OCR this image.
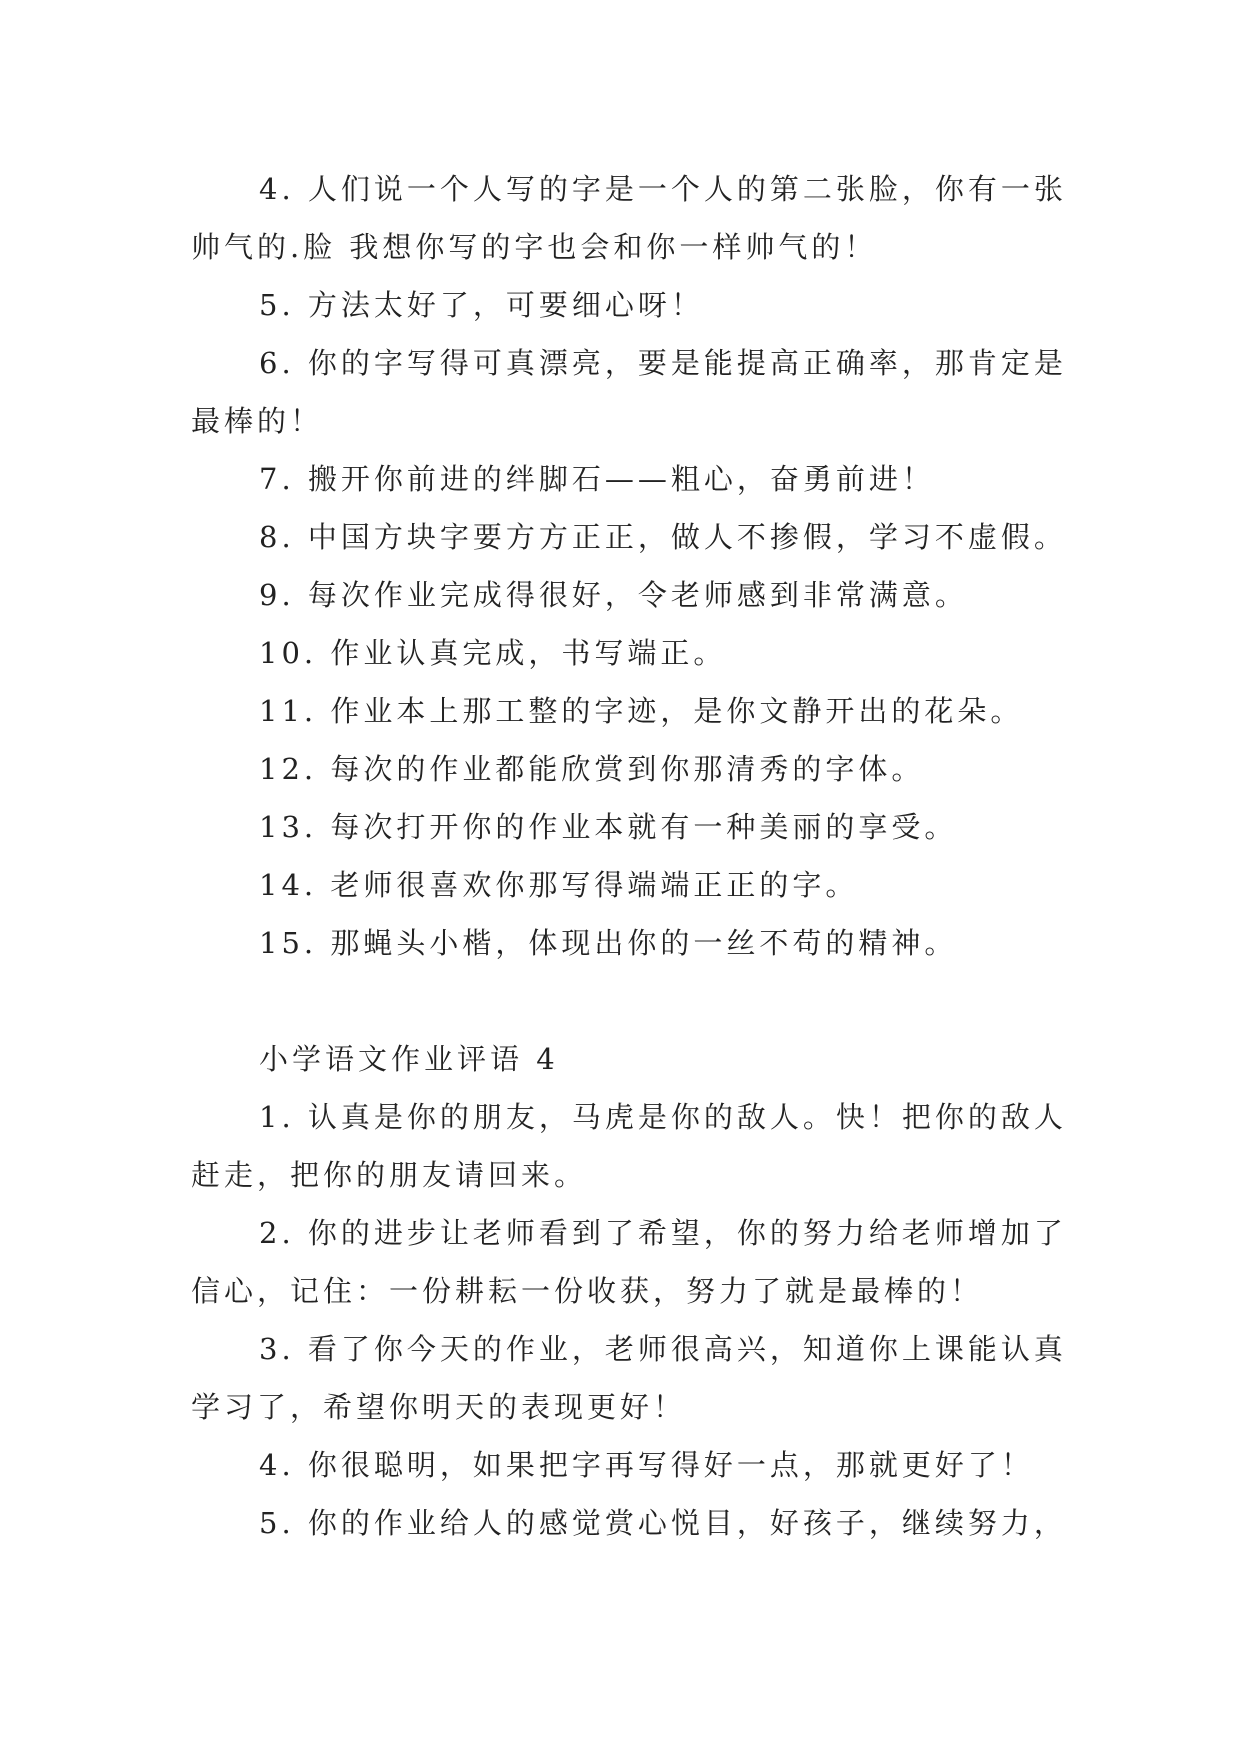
4. 人们说一个人写的字是一个人的第二张脸，你有一张帅气的.脸 我想你写的字也会和你一样帅气的！

5. 方法太好了，可要细心呀！

6. 你的字写得可真漂亮，要是能提高正确率，那肯定是最棒的！

7. 搬开你前进的绊脚石——粗心，奋勇前进！

8. 中国方块字要方方正正，做人不掺假，学习不虚假。

9. 每次作业完成得很好，令老师感到非常满意。

10. 作业认真完成，书写端正。

11. 作业本上那工整的字迹，是你文静开出的花朵。

12. 每次的作业都能欣赏到你那清秀的字体。

13. 每次打开你的作业本就有一种美丽的享受。

14. 老师很喜欢你那写得端端正正的字。

15. 那蝇头小楷，体现出你的一丝不苟的精神。

小学语文作业评语 4

1. 认真是你的朋友，马虎是你的敌人。快！把你的敌人赶走，把你的朋友请回来。

2. 你的进步让老师看到了希望，你的努力给老师增加了信心，记住：一份耕耘一份收获，努力了就是最棒的！

3. 看了你今天的作业，老师很高兴，知道你上课能认真学习了，希望你明天的表现更好！

4. 你很聪明，如果把字再写得好一点，那就更好了！

5. 你的作业给人的感觉赏心悦目，好孩子，继续努力，
